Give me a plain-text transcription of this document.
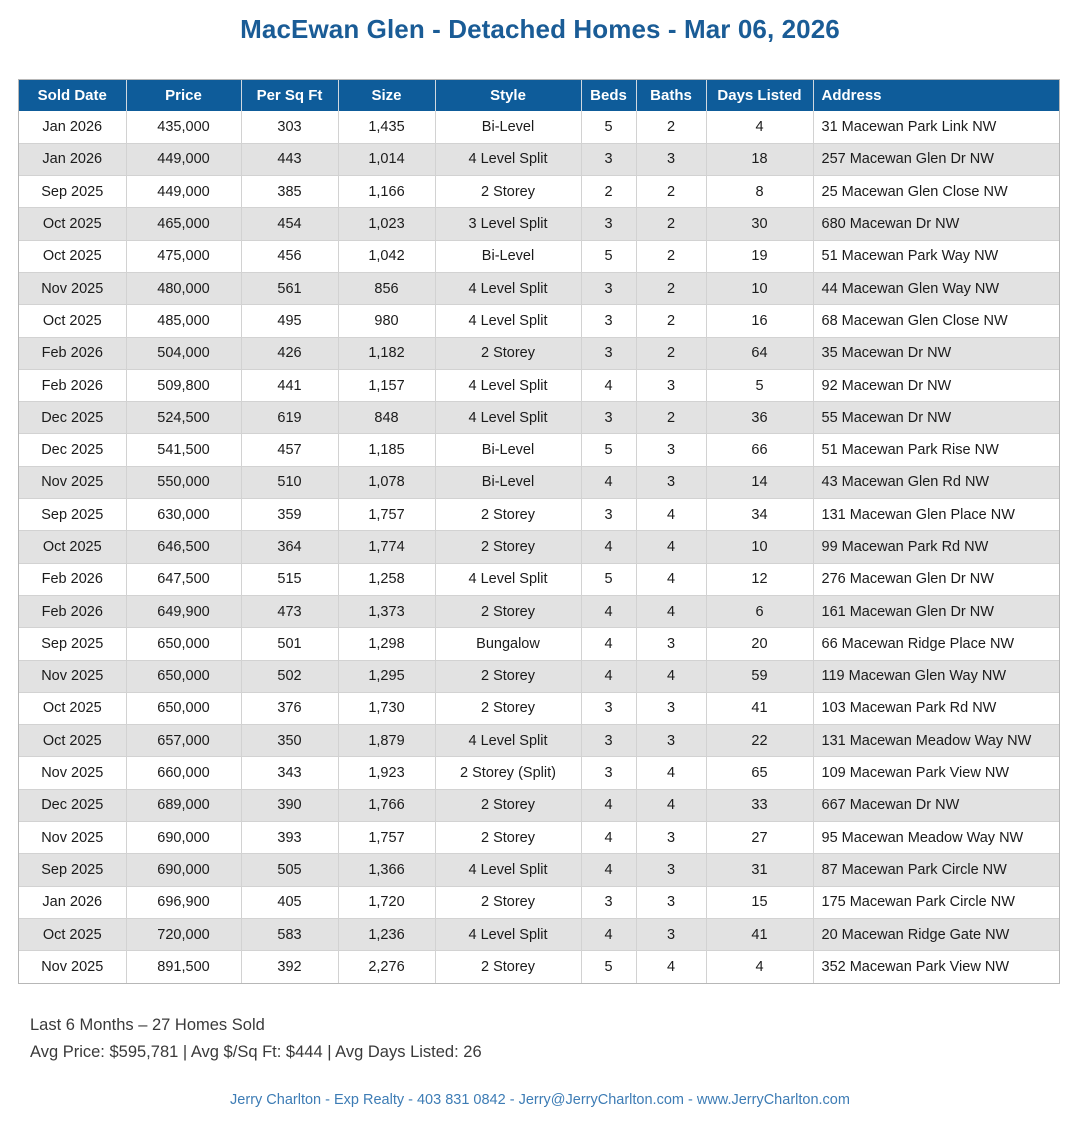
MacEwan Glen - Detached Homes - Mar 06, 2026
Sold Date	Price	Per Sq Ft	Size	Style	Beds	Baths	Days Listed	Address
Jan 2026	435,000	303	1,435	Bi-Level	5	2	4	31 Macewan Park Link NW
Jan 2026	449,000	443	1,014	4 Level Split	3	3	18	257 Macewan Glen Dr NW
Sep 2025	449,000	385	1,166	2 Storey	2	2	8	25 Macewan Glen Close NW
Oct 2025	465,000	454	1,023	3 Level Split	3	2	30	680 Macewan Dr NW
Oct 2025	475,000	456	1,042	Bi-Level	5	2	19	51 Macewan Park Way NW
Nov 2025	480,000	561	856	4 Level Split	3	2	10	44 Macewan Glen Way NW
Oct 2025	485,000	495	980	4 Level Split	3	2	16	68 Macewan Glen Close NW
Feb 2026	504,000	426	1,182	2 Storey	3	2	64	35 Macewan Dr NW
Feb 2026	509,800	441	1,157	4 Level Split	4	3	5	92 Macewan Dr NW
Dec 2025	524,500	619	848	4 Level Split	3	2	36	55 Macewan Dr NW
Dec 2025	541,500	457	1,185	Bi-Level	5	3	66	51 Macewan Park Rise NW
Nov 2025	550,000	510	1,078	Bi-Level	4	3	14	43 Macewan Glen Rd NW
Sep 2025	630,000	359	1,757	2 Storey	3	4	34	131 Macewan Glen Place NW
Oct 2025	646,500	364	1,774	2 Storey	4	4	10	99 Macewan Park Rd NW
Feb 2026	647,500	515	1,258	4 Level Split	5	4	12	276 Macewan Glen Dr NW
Feb 2026	649,900	473	1,373	2 Storey	4	4	6	161 Macewan Glen Dr NW
Sep 2025	650,000	501	1,298	Bungalow	4	3	20	66 Macewan Ridge Place NW
Nov 2025	650,000	502	1,295	2 Storey	4	4	59	119 Macewan Glen Way NW
Oct 2025	650,000	376	1,730	2 Storey	3	3	41	103 Macewan Park Rd NW
Oct 2025	657,000	350	1,879	4 Level Split	3	3	22	131 Macewan Meadow Way NW
Nov 2025	660,000	343	1,923	2 Storey (Split)	3	4	65	109 Macewan Park View NW
Dec 2025	689,000	390	1,766	2 Storey	4	4	33	667 Macewan Dr NW
Nov 2025	690,000	393	1,757	2 Storey	4	3	27	95 Macewan Meadow Way NW
Sep 2025	690,000	505	1,366	4 Level Split	4	3	31	87 Macewan Park Circle NW
Jan 2026	696,900	405	1,720	2 Storey	3	3	15	175 Macewan Park Circle NW
Oct 2025	720,000	583	1,236	4 Level Split	4	3	41	20 Macewan Ridge Gate NW
Nov 2025	891,500	392	2,276	2 Storey	5	4	4	352 Macewan Park View NW
Last 6 Months – 27 Homes Sold
Avg Price: $595,781 | Avg $/Sq Ft: $444 | Avg Days Listed: 26
Jerry Charlton - Exp Realty - 403 831 0842 - Jerry@JerryCharlton.com - www.JerryCharlton.com
